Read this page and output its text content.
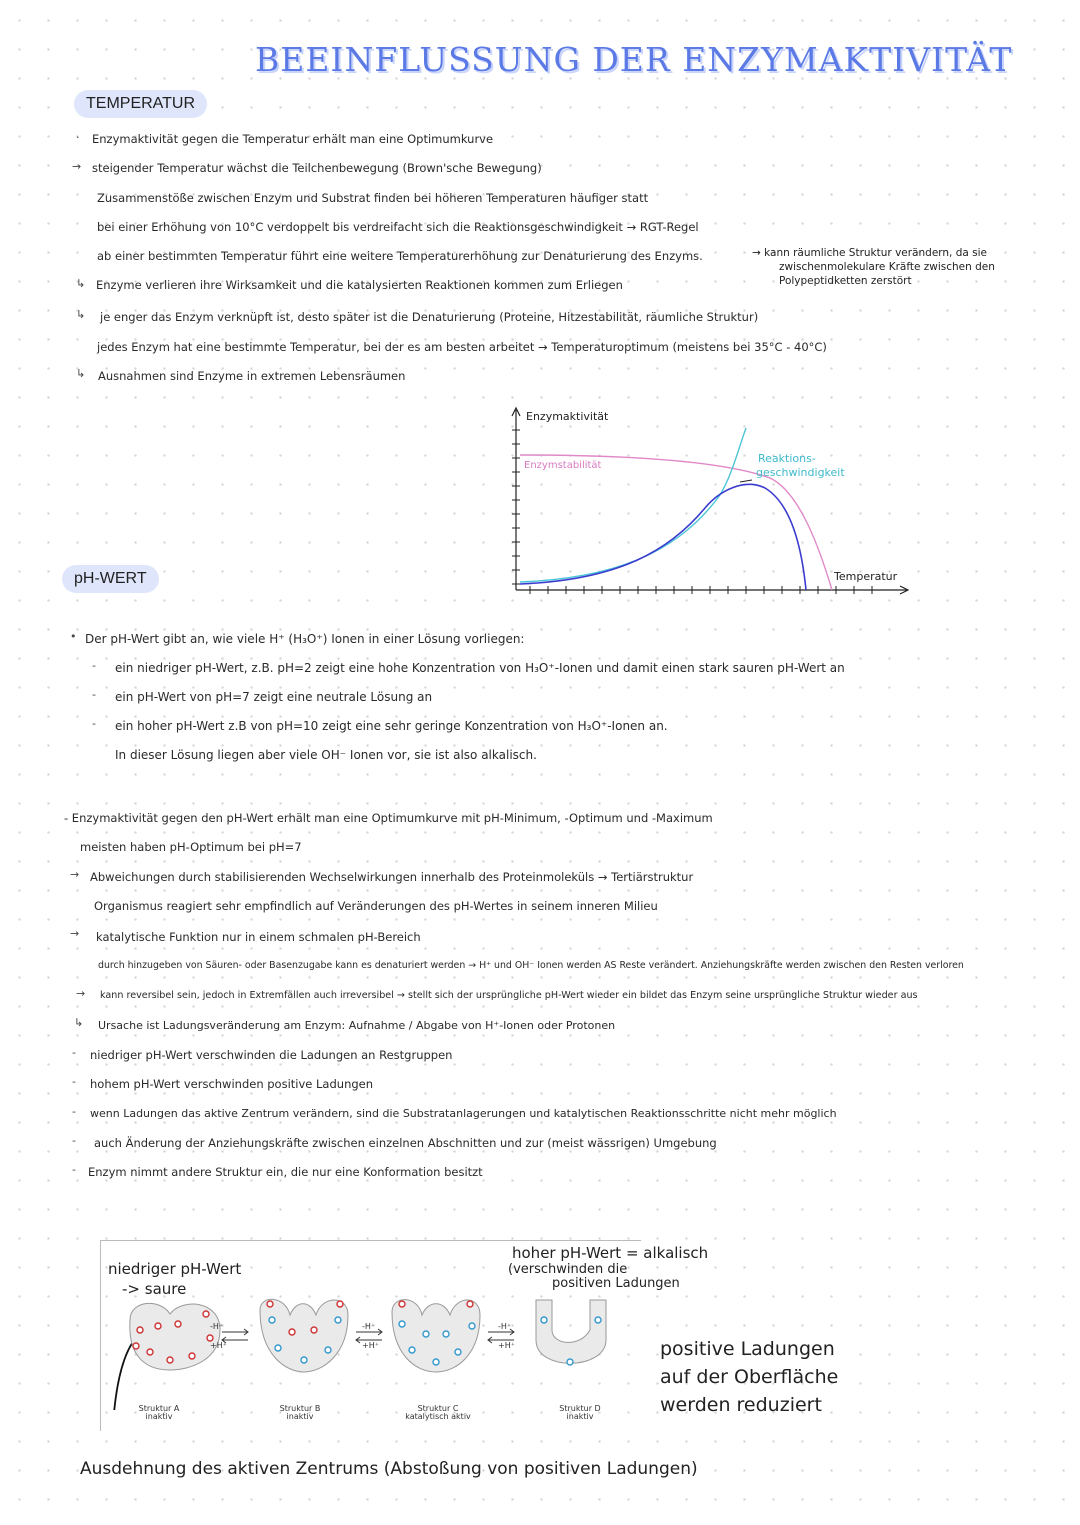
BEEINFLUSSUNG DER ENZYMAKTIVITÄT
TEMPERATUR
Enzymaktivität gegen die Temperatur erhält man eine Optimumkurve
·
→ steigender Temperatur wächst die Teilchenbewegung (Brown'sche Bewegung)
Zusammenstöße zwischen Enzym und Substrat finden bei höheren Temperaturen häufiger statt
bei einer Erhöhung von 10°C verdoppelt bis verdreifacht sich die Reaktionsgeschwindigkeit → RGT-Regel
ab einer bestimmten Temperatur führt eine weitere Temperaturerhöhung zur Denaturierung des Enzyms.	→ kann räumliche Struktur verändern, da sie
zwischenmolekulare Kräfte zwischen den
Polypeptidketten zerstört
↳ Enzyme verlieren ihre Wirksamkeit und die katalysierten Reaktionen kommen zum Erliegen
↳ je enger das Enzym verknüpft ist, desto später ist die Denaturierung (Proteine, Hitzestabilität, räumliche Struktur)
jedes Enzym hat eine bestimmte Temperatur, bei der es am besten arbeitet → Temperaturoptimum (meistens bei 35°C - 40°C)
↳ Ausnahmen sind Enzyme in extremen Lebensräumen
Enzymaktivität
Enzymstabilität
Reaktions-
geschwindigkeit
Temperatur
pH-WERT
• Der pH-Wert gibt an, wie viele H⁺ (H₃O⁺) Ionen in einer Lösung vorliegen:
- ein niedriger pH-Wert, z.B. pH=2 zeigt eine hohe Konzentration von H₃O⁺-Ionen und damit einen stark sauren pH-Wert an
- ein pH-Wert von pH=7 zeigt eine neutrale Lösung an
- ein hoher pH-Wert z.B von pH=10 zeigt eine sehr geringe Konzentration von H₃O⁺-Ionen an.
In dieser Lösung liegen aber viele OH⁻ Ionen vor, sie ist also alkalisch.
- Enzymaktivität gegen den pH-Wert erhält man eine Optimumkurve mit pH-Minimum, -Optimum und -Maximum
meisten haben pH-Optimum bei pH=7
→ Abweichungen durch stabilisierenden Wechselwirkungen innerhalb des Proteinmoleküls → Tertiärstruktur
Organismus reagiert sehr empfindlich auf Veränderungen des pH-Wertes in seinem inneren Milieu
→ katalytische Funktion nur in einem schmalen pH-Bereich
durch hinzugeben von Säuren- oder Basenzugabe kann es denaturiert werden → H⁺ und OH⁻ Ionen werden AS Reste verändert. Anziehungskräfte werden zwischen den Resten verloren
→ kann reversibel sein, jedoch in Extremfällen auch irreversibel → stellt sich der ursprüngliche pH-Wert wieder ein bildet das Enzym seine ursprüngliche Struktur wieder aus
↳ Ursache ist Ladungsveränderung am Enzym: Aufnahme / Abgabe von H⁺-Ionen oder Protonen
niedriger pH-Wert verschwinden die Ladungen an Restgruppen
hohem pH-Wert verschwinden positive Ladungen
wenn Ladungen das aktive Zentrum verändern, sind die Substratanlagerungen und katalytischen Reaktionsschritte nicht mehr möglich
auch Änderung der Anziehungskräfte zwischen einzelnen Abschnitten und zur (meist wässrigen) Umgebung
Enzym nimmt andere Struktur ein, die nur eine Konformation besitzt
-
-
-
-
-
niedriger pH-Wert
-> saure
hoher pH-Wert = alkalisch
(verschwinden die
positiven Ladungen
-H⁺
+H⁺
-H⁺
+H⁺
-H⁺
+H⁺
Struktur A
inaktiv
Struktur B
inaktiv
Struktur C
katalytisch aktiv
Struktur D
inaktiv
positive Ladungen
auf der Oberfläche
werden reduziert
Ausdehnung des aktiven Zentrums (Abstoßung von positiven Ladungen)
